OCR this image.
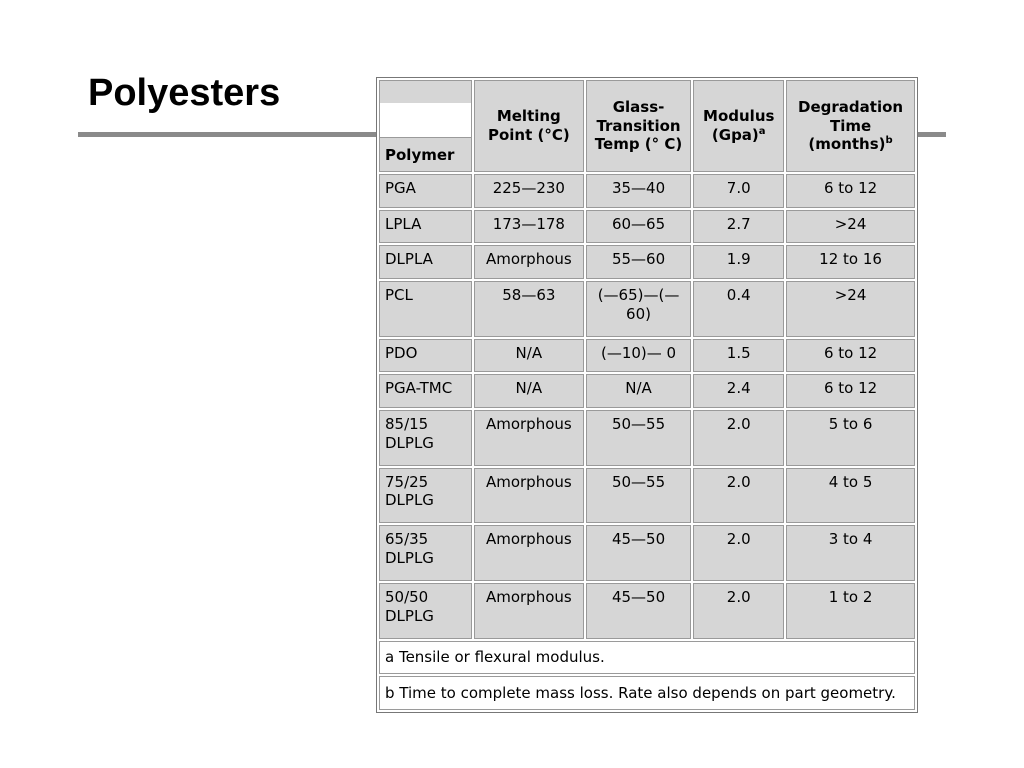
Polyesters
Polymer	Melting Point (°C)	Glass-Transition Temp (° C)	Modulus (Gpa)$^a$	Degradation Time (months)$^b$
PGA	225—230	35—40	7.0	6 to 12
LPLA	173—178	60—65	2.7	>24
DLPLA	Amorphous	55—60	1.9	12 to 16
PCL	58—63	(—65)—(—60)	0.4	>24
PDO	N/A	(—10)— 0	1.5	6 to 12
PGA-TMC	N/A	N/A	2.4	6 to 12
85/15 DLPLG	Amorphous	50—55	2.0	5 to 6
75/25 DLPLG	Amorphous	50—55	2.0	4 to 5
65/35 DLPLG	Amorphous	45—50	2.0	3 to 4
50/50 DLPLG	Amorphous	45—50	2.0	1 to 2
a Tensile or flexural modulus.				
b Time to complete mass loss. Rate also depends on part geometry.				
